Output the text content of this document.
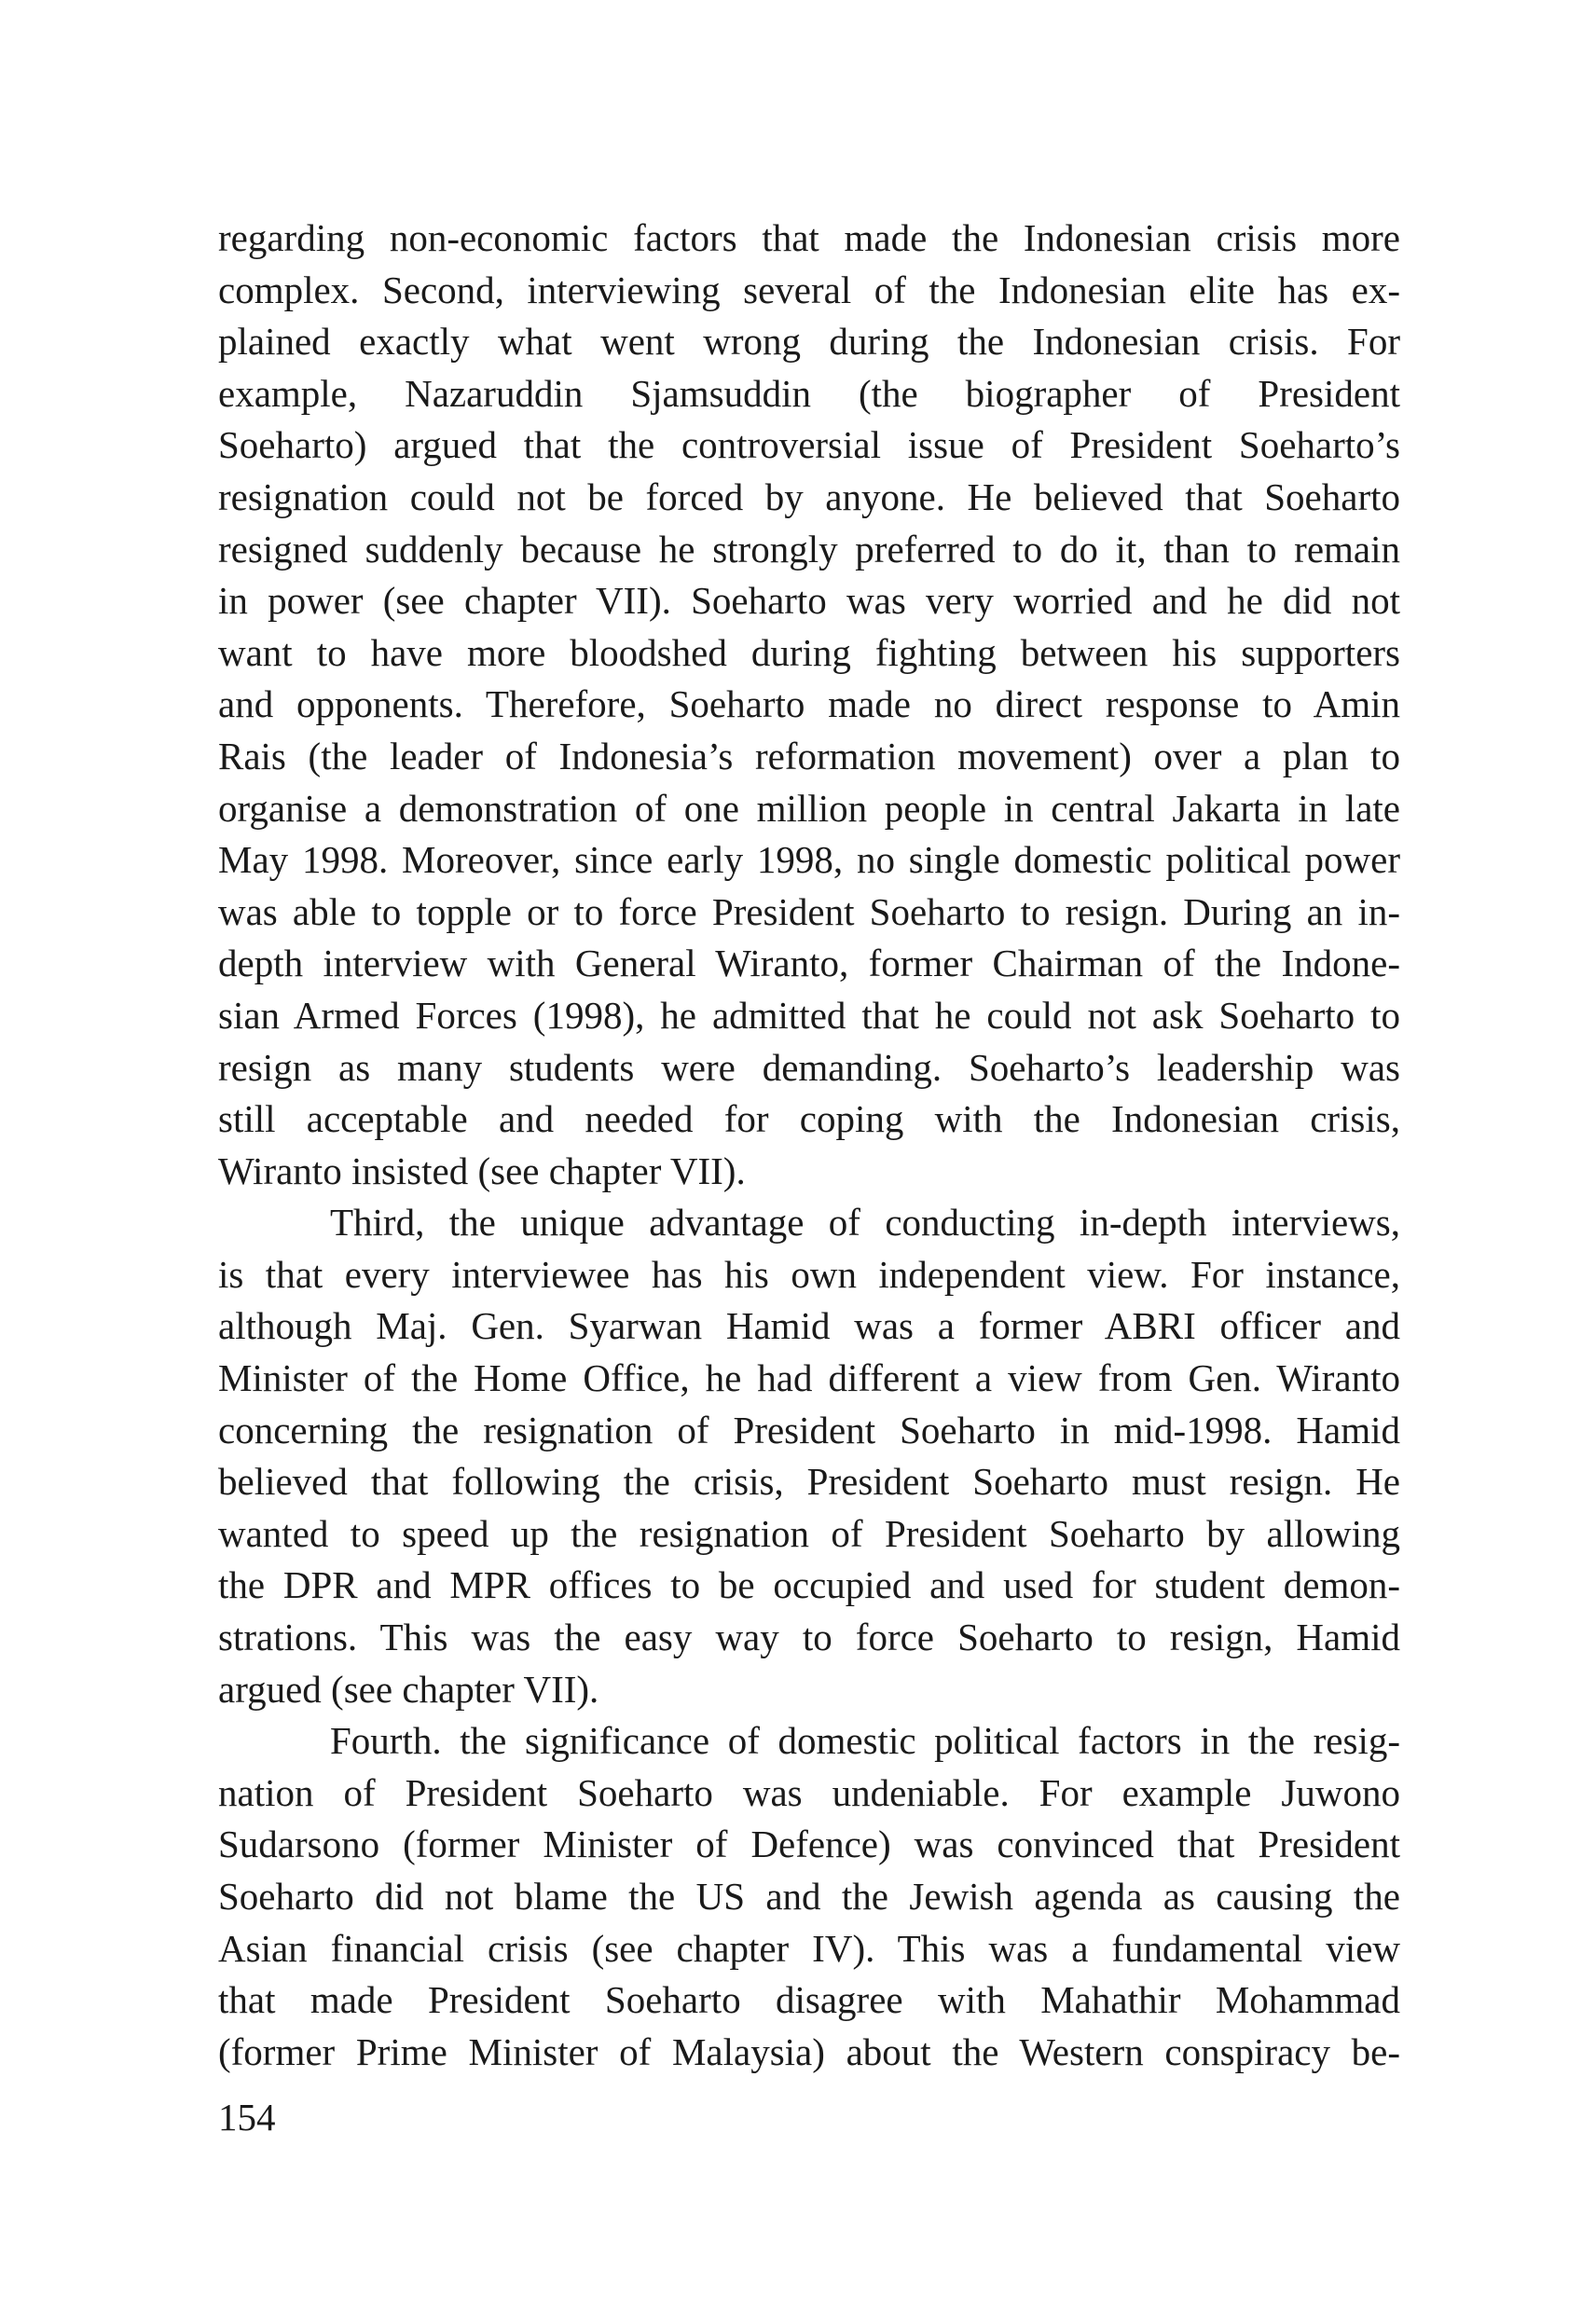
regarding non-economic factors that made the Indonesian crisis more
complex. Second, interviewing several of the Indonesian elite has ex-
plained exactly what went wrong during the Indonesian crisis. For
example, Nazaruddin Sjamsuddin (the biographer of President
Soeharto) argued that the controversial issue of President Soeharto’s
resignation could not be forced by anyone. He believed that Soeharto
resigned suddenly because he strongly preferred to do it, than to remain
in power (see chapter VII). Soeharto was very worried and he did not
want to have more bloodshed during fighting between his supporters
and opponents. Therefore, Soeharto made no direct response to Amin
Rais (the leader of Indonesia’s reformation movement) over a plan to
organise a demonstration of one million people in central Jakarta in late
May 1998. Moreover, since early 1998, no single domestic political power
was able to topple or to force President Soeharto to resign. During an in-
depth interview with General Wiranto, former Chairman of the Indone-
sian Armed Forces (1998), he admitted that he could not ask Soeharto to
resign as many students were demanding. Soeharto’s leadership was
still acceptable and needed for coping with the Indonesian crisis,
Wiranto insisted (see chapter VII).
Third, the unique advantage of conducting in-depth interviews,
is that every interviewee has his own independent view. For instance,
although Maj. Gen. Syarwan Hamid was a former ABRI officer and
Minister of the Home Office, he had different a view from Gen. Wiranto
concerning the resignation of President Soeharto in mid-1998. Hamid
believed that following the crisis, President Soeharto must resign. He
wanted to speed up the resignation of President Soeharto by allowing
the DPR and MPR offices to be occupied and used for student demon-
strations. This was the easy way to force Soeharto to resign, Hamid
argued (see chapter VII).
Fourth. the significance of domestic political factors in the resig-
nation of President Soeharto was undeniable. For example Juwono
Sudarsono (former Minister of Defence) was convinced that President
Soeharto did not blame the US and the Jewish agenda as causing the
Asian financial crisis (see chapter IV). This was a fundamental view
that made President Soeharto disagree with Mahathir Mohammad
(former Prime Minister of Malaysia) about the Western conspiracy be-
154
